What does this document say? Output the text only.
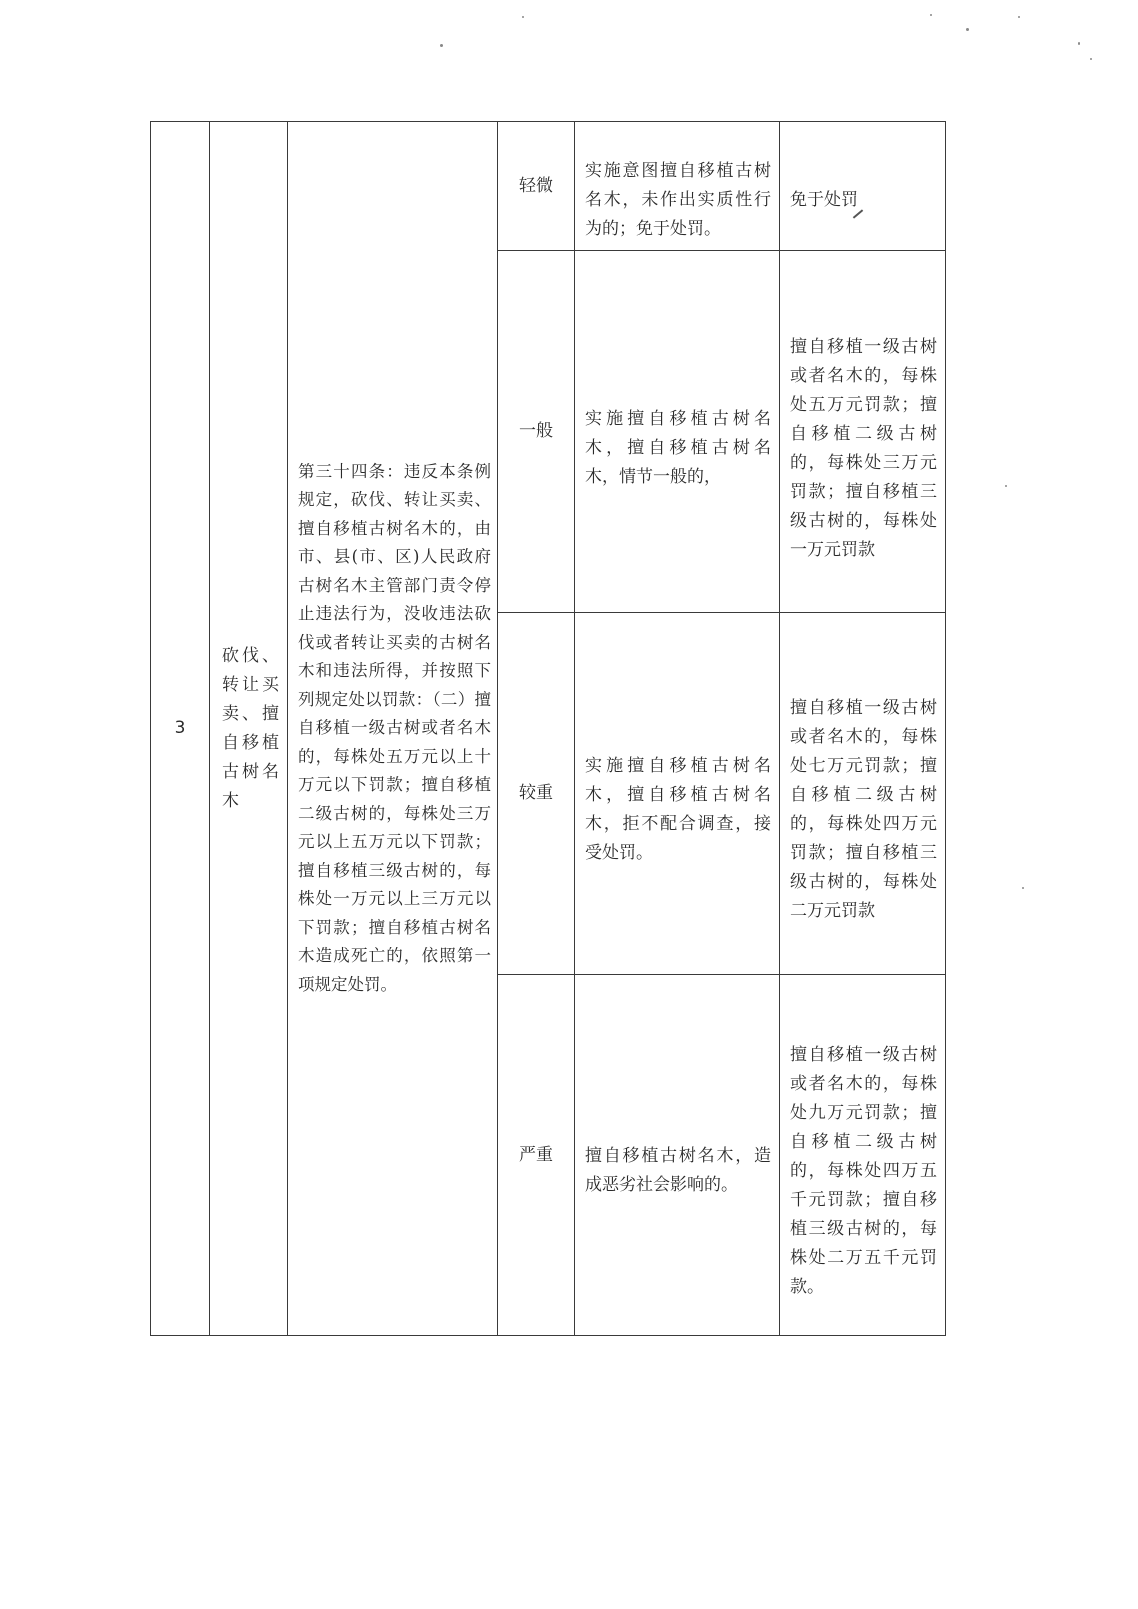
3	砍伐、转让买卖、擅自移植古树名木	第三十四条：违反本条例规定，砍伐、转让买卖、擅自移植古树名木的，由市、县(市、区)人民政府古树名木主管部门责令停止违法行为，没收违法砍伐或者转让买卖的古树名木和违法所得，并按照下列规定处以罚款：（二）擅自移植一级古树或者名木的，每株处五万元以上十万元以下罚款；擅自移植二级古树的，每株处三万元以上五万元以下罚款；擅自移植三级古树的，每株处一万元以上三万元以下罚款；擅自移植古树名木造成死亡的，依照第一项规定处罚。	轻微	实施意图擅自移植古树名木，未作出实质性行为的；免于处罚。	免于处罚

			一般	实施擅自移植古树名木，擅自移植古树名木，情节一般的，	擅自移植一级古树或者名木的，每株处五万元罚款；擅自移植二级古树的，每株处三万元罚款；擅自移植三级古树的，每株处一万元罚款

			较重	实施擅自移植古树名木，擅自移植古树名木，拒不配合调查，接受处罚。	擅自移植一级古树或者名木的，每株处七万元罚款；擅自移植二级古树的，每株处四万元罚款；擅自移植三级古树的，每株处二万元罚款

			严重	擅自移植古树名木，造成恶劣社会影响的。	擅自移植一级古树或者名木的，每株处九万元罚款；擅自移植二级古树的，每株处四万五千元罚款；擅自移植三级古树的，每株处二万五千元罚款。
